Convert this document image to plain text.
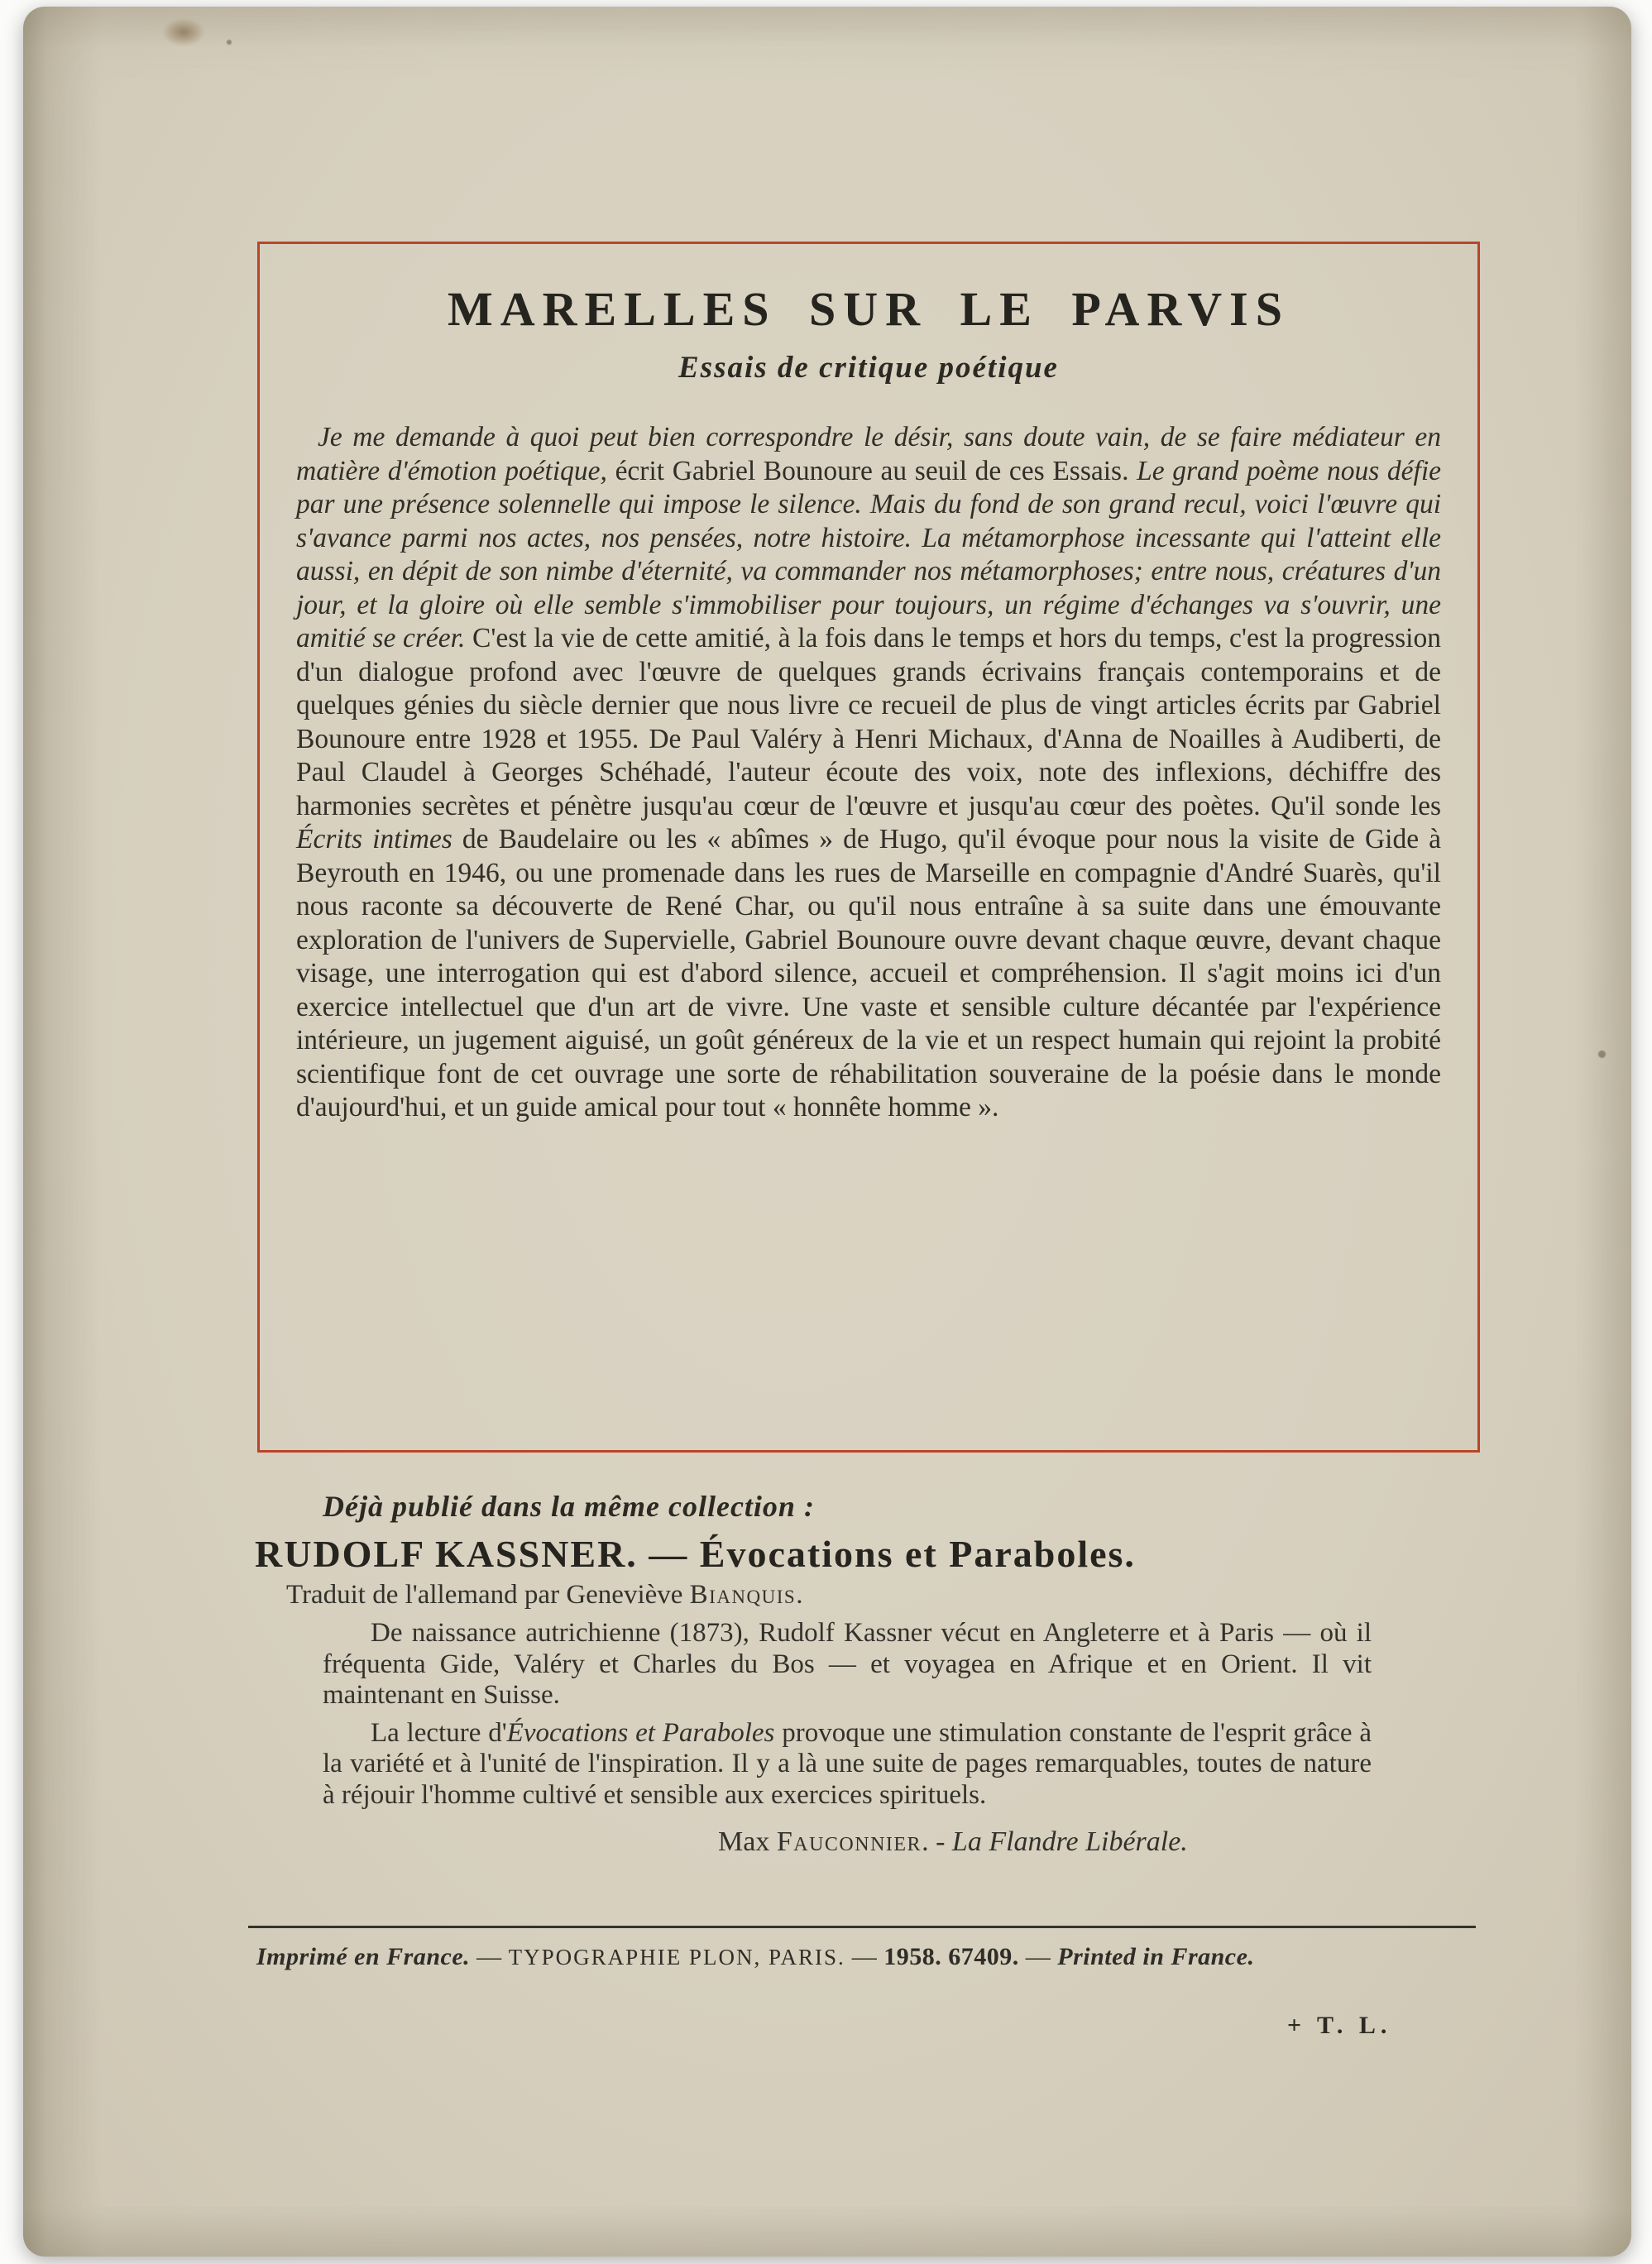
MARELLES SUR LE PARVIS
Essais de critique poétique

Je me demande à quoi peut bien correspondre le désir, sans doute vain, de se faire médiateur en matière d'émotion poétique, écrit Gabriel Bounoure au seuil de ces Essais. Le grand poème nous défie par une présence solennelle qui impose le silence. Mais du fond de son grand recul, voici l'œuvre qui s'avance parmi nos actes, nos pensées, notre histoire. La métamorphose incessante qui l'atteint elle aussi, en dépit de son nimbe d'éternité, va commander nos métamorphoses; entre nous, créatures d'un jour, et la gloire où elle semble s'immobiliser pour toujours, un régime d'échanges va s'ouvrir, une amitié se créer. C'est la vie de cette amitié, à la fois dans le temps et hors du temps, c'est la progression d'un dialogue profond avec l'œuvre de quelques grands écrivains français contemporains et de quelques génies du siècle dernier que nous livre ce recueil de plus de vingt articles écrits par Gabriel Bounoure entre 1928 et 1955. De Paul Valéry à Henri Michaux, d'Anna de Noailles à Audiberti, de Paul Claudel à Georges Schéhadé, l'auteur écoute des voix, note des inflexions, déchiffre des harmonies secrètes et pénètre jusqu'au cœur de l'œuvre et jusqu'au cœur des poètes. Qu'il sonde les Écrits intimes de Baudelaire ou les « abîmes » de Hugo, qu'il évoque pour nous la visite de Gide à Beyrouth en 1946, ou une promenade dans les rues de Marseille en compagnie d'André Suarès, qu'il nous raconte sa découverte de René Char, ou qu'il nous entraîne à sa suite dans une émouvante exploration de l'univers de Supervielle, Gabriel Bounoure ouvre devant chaque œuvre, devant chaque visage, une interrogation qui est d'abord silence, accueil et compréhension. Il s'agit moins ici d'un exercice intellectuel que d'un art de vivre. Une vaste et sensible culture décantée par l'expérience intérieure, un jugement aiguisé, un goût généreux de la vie et un respect humain qui rejoint la probité scientifique font de cet ouvrage une sorte de réhabilitation souveraine de la poésie dans le monde d'aujourd'hui, et un guide amical pour tout « honnête homme ».

Déjà publié dans la même collection :

RUDOLF KASSNER. — Évocations et Paraboles.

Traduit de l'allemand par Geneviève Bianquis.

De naissance autrichienne (1873), Rudolf Kassner vécut en Angleterre et à Paris — où il fréquenta Gide, Valéry et Charles du Bos — et voyagea en Afrique et en Orient. Il vit maintenant en Suisse.

La lecture d'Évocations et Paraboles provoque une stimulation constante de l'esprit grâce à la variété et à l'unité de l'inspiration. Il y a là une suite de pages remarquables, toutes de nature à réjouir l'homme cultivé et sensible aux exercices spirituels.

Max Fauconnier. - La Flandre Libérale.

Imprimé en France. — TYPOGRAPHIE PLON, PARIS. — 1958. 67409. — Printed in France.

+ T. L.
